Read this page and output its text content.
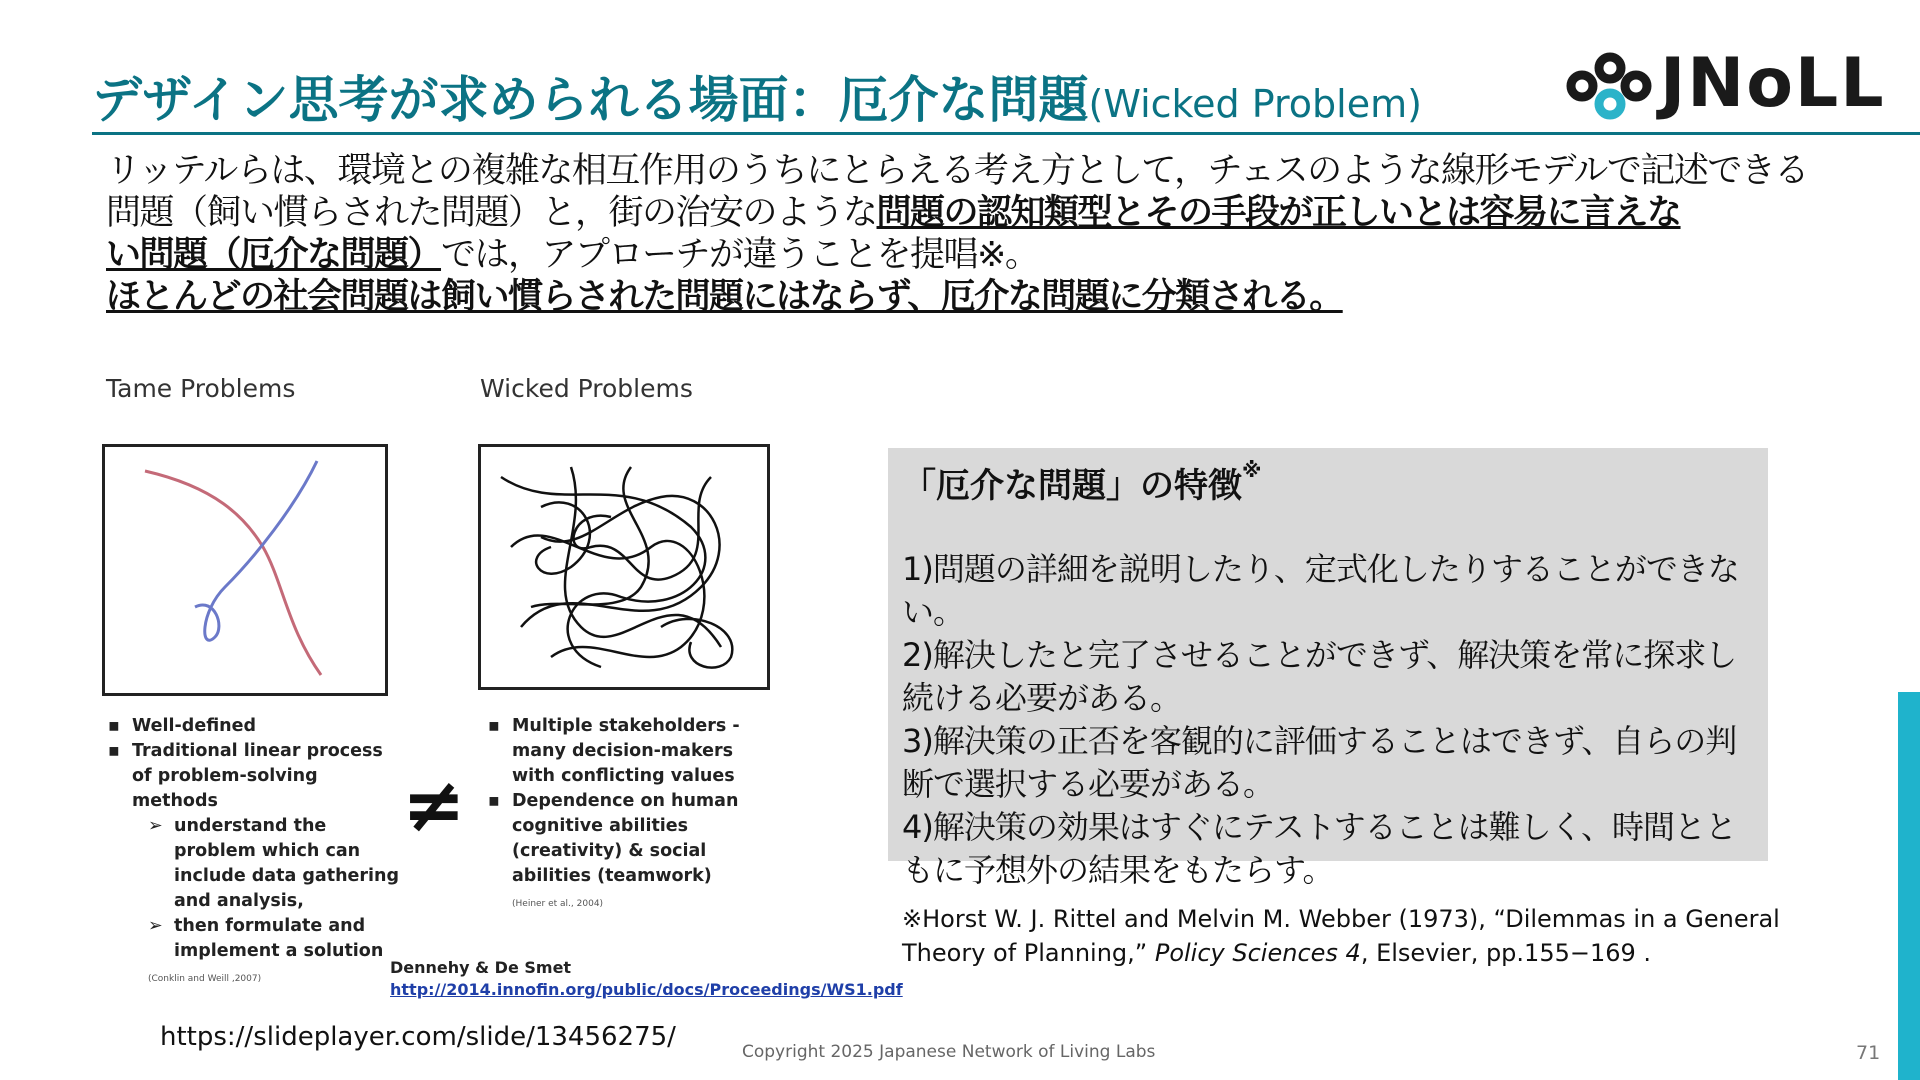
デザイン思考が求められる場面：厄介な問題(Wicked Problem)	JNoLL
リッテルらは、環境との複雑な相互作用のうちにとらえる考え方として，チェスのような線形モデルで記述できる
問題（飼い慣らされた問題）と，街の治安のような問題の認知類型とその手段が正しいとは容易に言えな
い問題（厄介な問題）では，アプローチが違うことを提唱※。
ほとんどの社会問題は飼い慣らされた問題にはならず、厄介な問題に分類される。
Tame Problems	Wicked Problems
▪ Well-defined
▪ Traditional linear process of problem-solving methods
➢ understand the problem which can include data gathering and analysis,
➢ then formulate and implement a solution
(Conklin and Weill ,2007)
≠
▪ Multiple stakeholders - many decision-makers with conflicting values
▪ Dependence on human cognitive abilities (creativity) & social abilities (teamwork)
(Heiner et al., 2004)
Dennehy & De Smet
http://2014.innofin.org/public/docs/Proceedings/WS1.pdf
https://slideplayer.com/slide/13456275/
「厄介な問題」の特徴※
1)問題の詳細を説明したり、定式化したりすることができない。
2)解決したと完了させることができず、解決策を常に探求し続ける必要がある。
3)解決策の正否を客観的に評価することはできず、自らの判断で選択する必要がある。
4)解決策の効果はすぐにテストすることは難しく、時間とともに予想外の結果をもたらす。
※Horst W. J. Rittel and Melvin M. Webber (1973), “Dilemmas in a General Theory of Planning,” Policy Sciences 4, Elsevier, pp.155−169 .
Copyright 2025 Japanese Network of Living Labs	71
